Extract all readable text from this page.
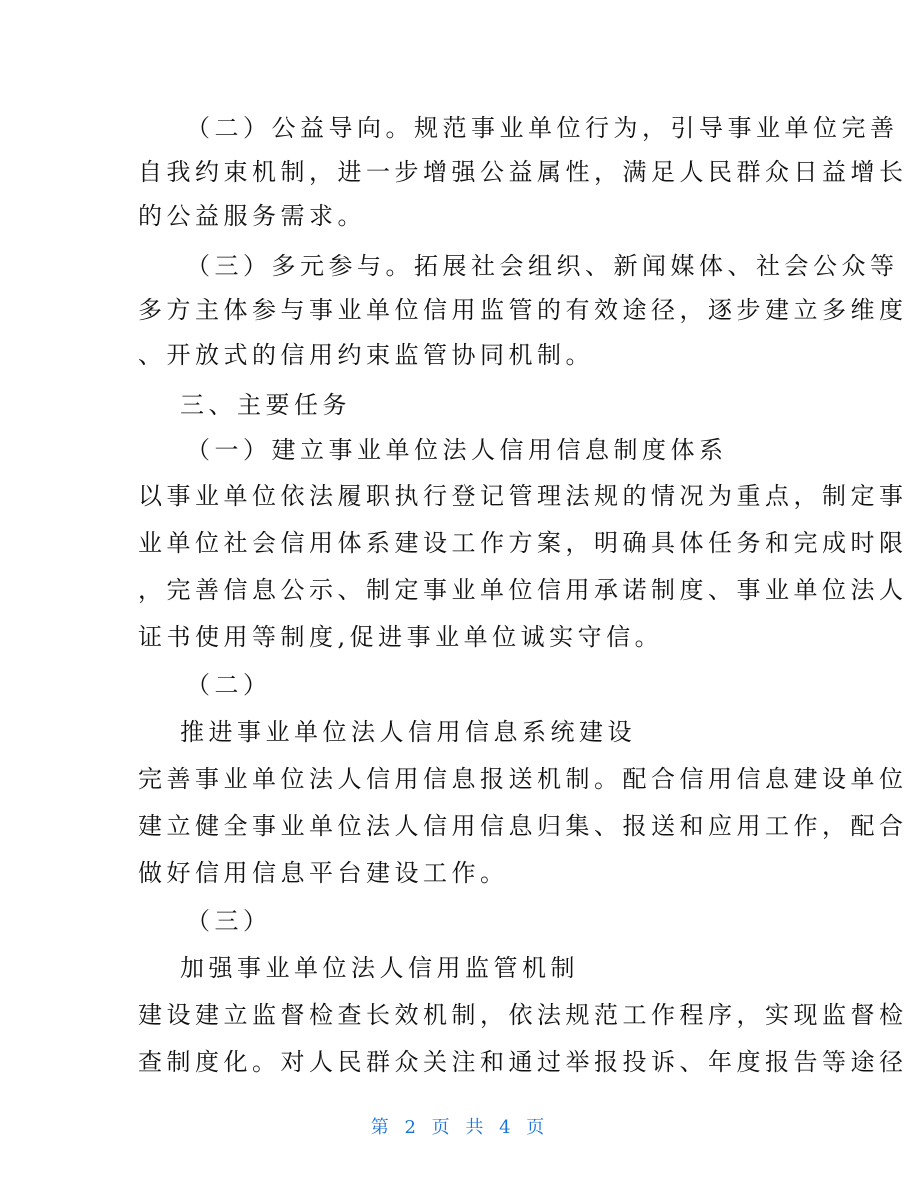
（二）公益导向。规范事业单位行为，引导事业单位完善
自我约束机制，进一步增强公益属性，满足人民群众日益增长
的公益服务需求。
（三）多元参与。拓展社会组织、新闻媒体、社会公众等
多方主体参与事业单位信用监管的有效途径，逐步建立多维度
、开放式的信用约束监管协同机制。
三、主要任务
（一）建立事业单位法人信用信息制度体系
以事业单位依法履职执行登记管理法规的情况为重点，制定事
业单位社会信用体系建设工作方案，明确具体任务和完成时限
，完善信息公示、制定事业单位信用承诺制度、事业单位法人
证书使用等制度,促进事业单位诚实守信。
（二）
推进事业单位法人信用信息系统建设
完善事业单位法人信用信息报送机制。配合信用信息建设单位
建立健全事业单位法人信用信息归集、报送和应用工作，配合
做好信用信息平台建设工作。
（三）
加强事业单位法人信用监管机制
建设建立监督检查长效机制，依法规范工作程序，实现监督检
查制度化。对人民群众关注和通过举报投诉、年度报告等途径
第 2 页 共 4 页
